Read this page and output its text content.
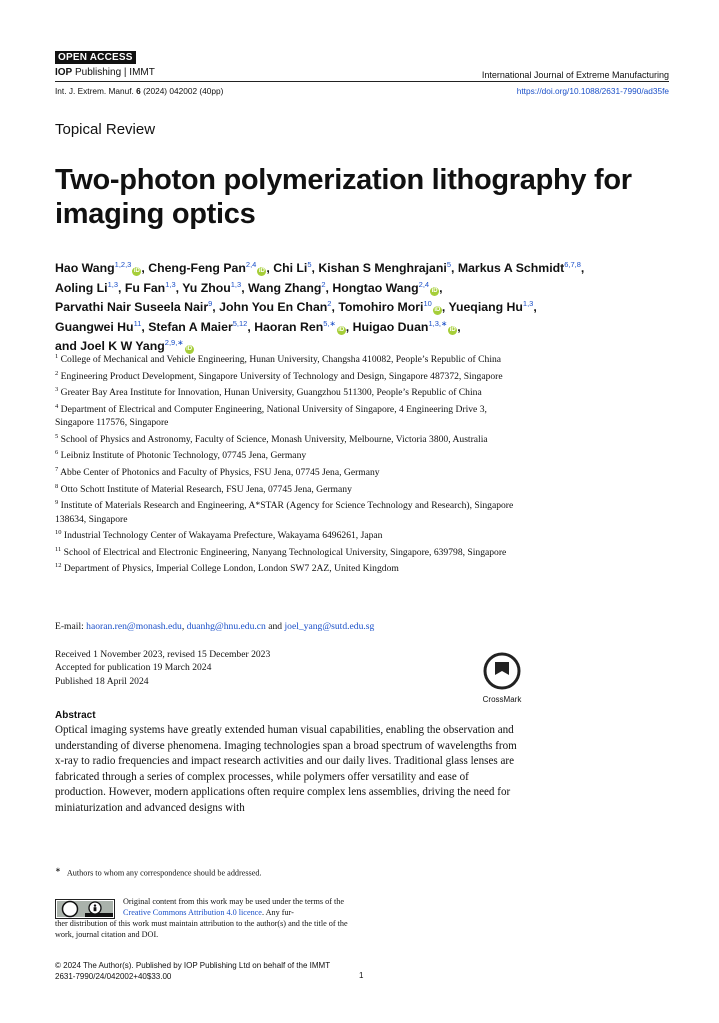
OPEN ACCESS
IOP Publishing | IMMT	International Journal of Extreme Manufacturing
Int. J. Extrem. Manuf. 6 (2024) 042002 (40pp)	https://doi.org/10.1088/2631-7990/ad35fe
Topical Review
Two-photon polymerization lithography for imaging optics
Hao Wang$^{1,2,3}$iD , Cheng-Feng Pan$^{2,4}$iD , Chi Li$^5$, Kishan S Menghrajani$^5$, Markus A Schmidt$^{6,7,8}$,
Aoling Li$^{1,3}$, Fu Fan$^{1,3}$, Yu Zhou$^{1,3}$, Wang Zhang$^2$, Hongtao Wang$^{2,4}$iD ,
Parvathi Nair Suseela Nair$^9$, John You En Chan$^2$, Tomohiro Mori$^{10}$iD , Yueqiang Hu$^{1,3}$,
Guangwei Hu$^{11}$, Stefan A Maier$^{5,12}$, Haoran Ren$^{5,∗}$iD , Huigao Duan$^{1,3,∗}$iD ,
and Joel K W Yang$^{2,9,∗}$iD
$^1$ College of Mechanical and Vehicle Engineering, Hunan University, Changsha 410082, People’s Republic of China
$^2$ Engineering Product Development, Singapore University of Technology and Design, Singapore 487372, Singapore
$^3$ Greater Bay Area Institute for Innovation, Hunan University, Guangzhou 511300, People’s Republic of China
$^4$ Department of Electrical and Computer Engineering, National University of Singapore, 4 Engineering Drive 3, Singapore 117576, Singapore
$^5$ School of Physics and Astronomy, Faculty of Science, Monash University, Melbourne, Victoria 3800, Australia
$^6$ Leibniz Institute of Photonic Technology, 07745 Jena, Germany
$^7$ Abbe Center of Photonics and Faculty of Physics, FSU Jena, 07745 Jena, Germany
$^8$ Otto Schott Institute of Material Research, FSU Jena, 07745 Jena, Germany
$^9$ Institute of Materials Research and Engineering, A*STAR (Agency for Science Technology and Research), Singapore 138634, Singapore
$^{10}$ Industrial Technology Center of Wakayama Prefecture, Wakayama 6496261, Japan
$^{11}$ School of Electrical and Electronic Engineering, Nanyang Technological University, Singapore, 639798, Singapore
$^{12}$ Department of Physics, Imperial College London, London SW7 2AZ, United Kingdom
E-mail: haoran.ren@monash.edu, duanhg@hnu.edu.cn and joel_yang@sutd.edu.sg
Received 1 November 2023, revised 15 December 2023
Accepted for publication 19 March 2024
Published 18 April 2024
CrossMark
Abstract
Optical imaging systems have greatly extended human visual capabilities, enabling the observation and understanding of diverse phenomena. Imaging technologies span a broad spectrum of wavelengths from x-ray to radio frequencies and impact research activities and our daily lives. Traditional glass lenses are fabricated through a series of complex processes, while polymers offer versatility and ease of production. However, modern applications often require complex lens assemblies, driving the need for miniaturization and advanced designs with
∗ Authors to whom any correspondence should be addressed.
Original content from this work may be used under the terms of the Creative Commons Attribution 4.0 licence. Any fur-
ther distribution of this work must maintain attribution to the author(s) and the title of the work, journal citation and DOI.
© 2024 The Author(s). Published by IOP Publishing Ltd on behalf of the IMMT
2631-7990/24/042002+40$33.00	1
